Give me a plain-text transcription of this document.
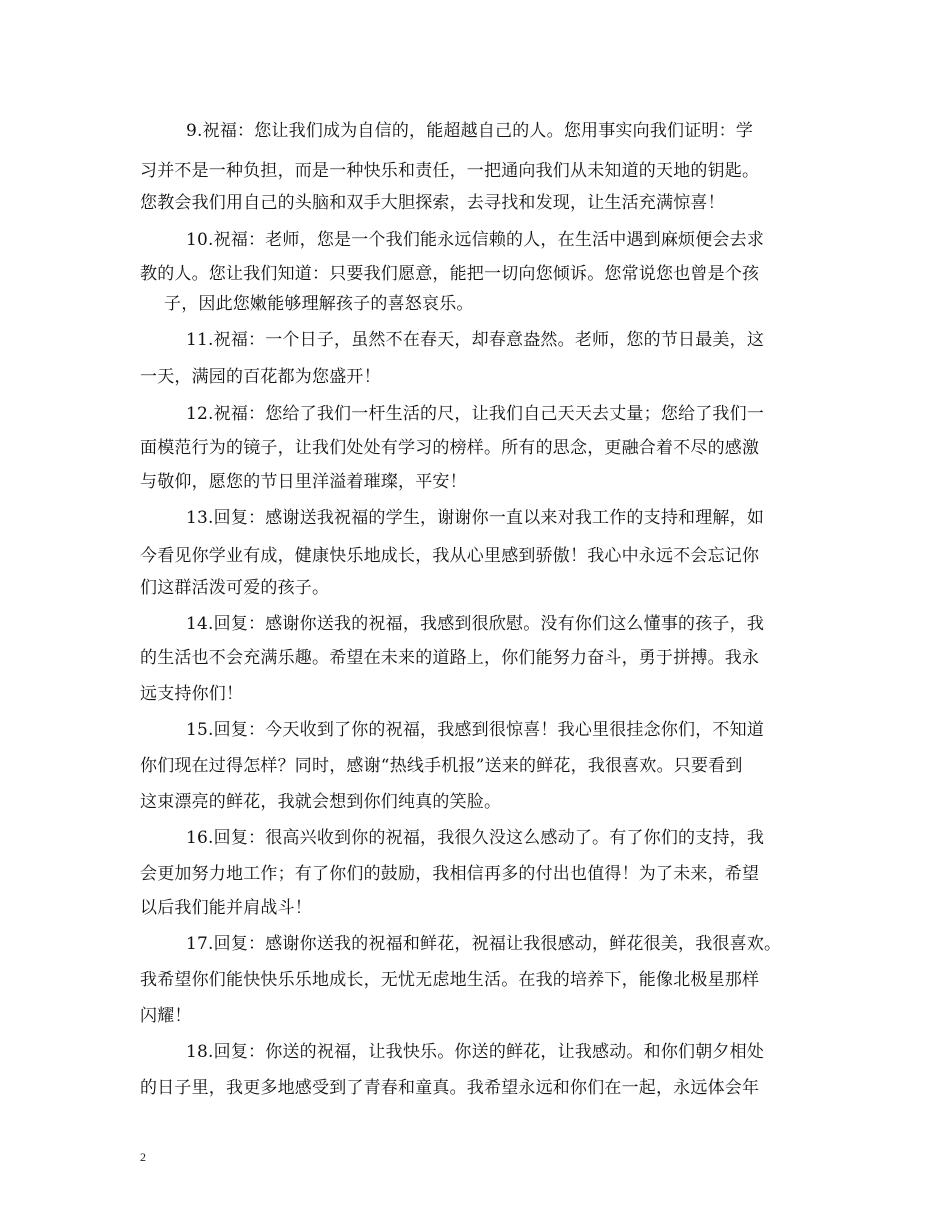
9.祝福：您让我们成为自信的，能超越自己的人。您用事实向我们证明：学
习并不是一种负担，而是一种快乐和责任，一把通向我们从未知道的天地的钥匙。
您教会我们用自己的头脑和双手大胆探索，去寻找和发现，让生活充满惊喜！
10.祝福：老师，您是一个我们能永远信赖的人，在生活中遇到麻烦便会去求
教的人。您让我们知道：只要我们愿意，能把一切向您倾诉。您常说您也曾是个孩
子，因此您嫩能够理解孩子的喜怒哀乐。
11.祝福：一个日子，虽然不在春天，却春意盎然。老师，您的节日最美，这
一天，满园的百花都为您盛开！
12.祝福：您给了我们一杆生活的尺，让我们自己天天去丈量；您给了我们一
面模范行为的镜子，让我们处处有学习的榜样。所有的思念，更融合着不尽的感激
与敬仰，愿您的节日里洋溢着璀璨，平安！
13.回复：感谢送我祝福的学生，谢谢你一直以来对我工作的支持和理解，如
今看见你学业有成，健康快乐地成长，我从心里感到骄傲！我心中永远不会忘记你
们这群活泼可爱的孩子。
14.回复：感谢你送我的祝福，我感到很欣慰。没有你们这么懂事的孩子，我
的生活也不会充满乐趣。希望在未来的道路上，你们能努力奋斗，勇于拼搏。我永
远支持你们！
15.回复：今天收到了你的祝福，我感到很惊喜！我心里很挂念你们，不知道
你们现在过得怎样？同时，感谢“热线手机报”送来的鲜花，我很喜欢。只要看到
这束漂亮的鲜花，我就会想到你们纯真的笑脸。
16.回复：很高兴收到你的祝福，我很久没这么感动了。有了你们的支持，我
会更加努力地工作；有了你们的鼓励，我相信再多的付出也值得！为了未来，希望
以后我们能并肩战斗！
17.回复：感谢你送我的祝福和鲜花，祝福让我很感动，鲜花很美，我很喜欢。
我希望你们能快快乐乐地成长，无忧无虑地生活。在我的培养下，能像北极星那样
闪耀！
18.回复：你送的祝福，让我快乐。你送的鲜花，让我感动。和你们朝夕相处
的日子里，我更多地感受到了青春和童真。我希望永远和你们在一起，永远体会年
2
